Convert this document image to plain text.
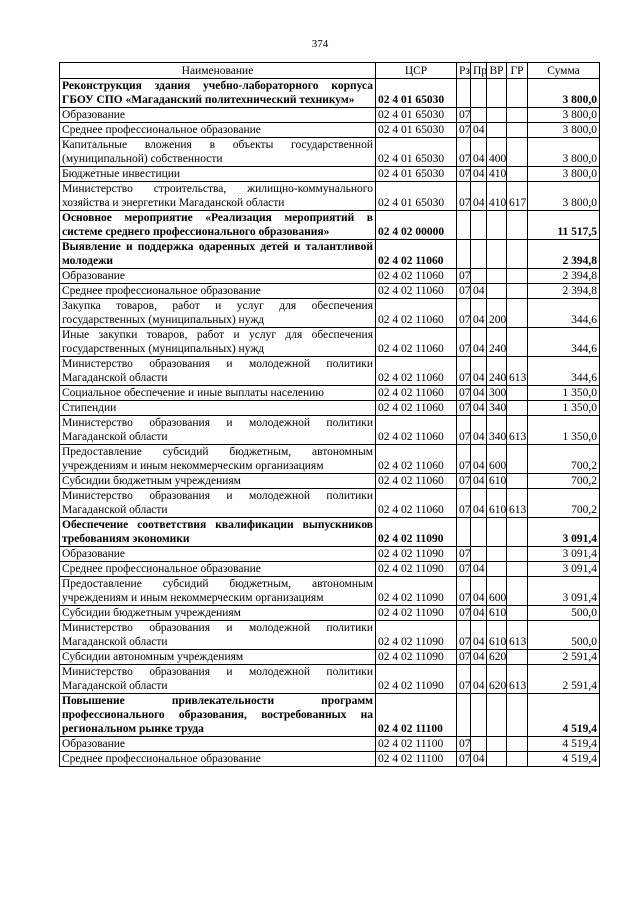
374
Наименование	ЦСР	Рз	Пр	ВР	ГР	Сумма
Реконструкция здания учебно-лабораторного корпуса ГБОУ СПО «Магаданский политехнический техникум»	02 4 01 65030					3 800,0
Образование	02 4 01 65030	07				3 800,0
Среднее профессиональное образование	02 4 01 65030	07	04			3 800,0
Капитальные вложения в объекты государственной (муниципальной) собственности	02 4 01 65030	07	04	400		3 800,0
Бюджетные инвестиции	02 4 01 65030	07	04	410		3 800,0
Министерство строительства, жилищно-коммунального хозяйства и энергетики Магаданской области	02 4 01 65030	07	04	410	617	3 800,0
Основное мероприятие «Реализация мероприятий в системе среднего профессионального образования»	02 4 02 00000					11 517,5
Выявление и поддержка одаренных детей и талантливой молодежи	02 4 02 11060					2 394,8
Образование	02 4 02 11060	07				2 394,8
Среднее профессиональное образование	02 4 02 11060	07	04			2 394,8
Закупка товаров, работ и услуг для обеспечения государственных (муниципальных) нужд	02 4 02 11060	07	04	200		344,6
Иные закупки товаров, работ и услуг для обеспечения государственных (муниципальных) нужд	02 4 02 11060	07	04	240		344,6
Министерство образования и молодежной политики Магаданской области	02 4 02 11060	07	04	240	613	344,6
Социальное обеспечение и иные выплаты населению	02 4 02 11060	07	04	300		1 350,0
Стипендии	02 4 02 11060	07	04	340		1 350,0
Министерство образования и молодежной политики Магаданской области	02 4 02 11060	07	04	340	613	1 350,0
Предоставление субсидий бюджетным, автономным учреждениям и иным некоммерческим организациям	02 4 02 11060	07	04	600		700,2
Субсидии бюджетным учреждениям	02 4 02 11060	07	04	610		700,2
Министерство образования и молодежной политики Магаданской области	02 4 02 11060	07	04	610	613	700,2
Обеспечение соответствия квалификации выпускников требованиям экономики	02 4 02 11090					3 091,4
Образование	02 4 02 11090	07				3 091,4
Среднее профессиональное образование	02 4 02 11090	07	04			3 091,4
Предоставление субсидий бюджетным, автономным учреждениям и иным некоммерческим организациям	02 4 02 11090	07	04	600		3 091,4
Субсидии бюджетным учреждениям	02 4 02 11090	07	04	610		500,0
Министерство образования и молодежной политики Магаданской области	02 4 02 11090	07	04	610	613	500,0
Субсидии автономным учреждениям	02 4 02 11090	07	04	620		2 591,4
Министерство образования и молодежной политики Магаданской области	02 4 02 11090	07	04	620	613	2 591,4
Повышение привлекательности программ профессионального образования, востребованных на региональном рынке труда	02 4 02 11100					4 519,4
Образование	02 4 02 11100	07				4 519,4
Среднее профессиональное образование	02 4 02 11100	07	04			4 519,4
